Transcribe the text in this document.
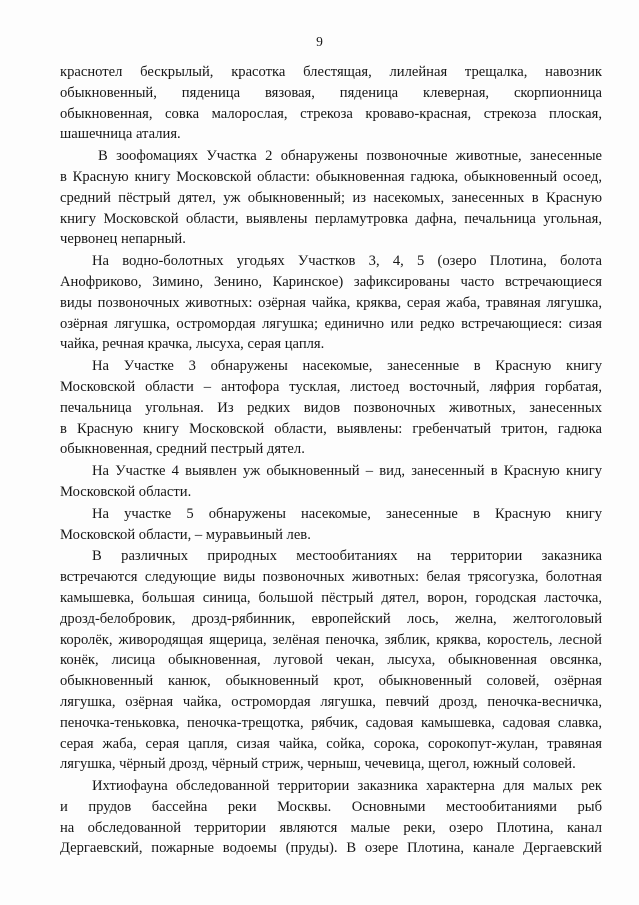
9
краснотел бескрылый, красотка блестящая, лилейная трещалка, навозник
обыкновенный, пяденица вязовая, пяденица клеверная, скорпионница
обыкновенная, совка малорослая, стрекоза кроваво-красная, стрекоза плоская,
шашечница аталия.
В зоофомациях Участка 2 обнаружены позвоночные животные, занесенные
в Красную книгу Московской области: обыкновенная гадюка, обыкновенный осоед,
средний пёстрый дятел, уж обыкновенный; из насекомых, занесенных в Красную
книгу Московской области, выявлены перламутровка дафна, печальница угольная,
червонец непарный.
На водно-болотных угодьях Участков 3, 4, 5 (озеро Плотина, болота
Анофриково, Зимино, Зенино, Каринское) зафиксированы часто встречающиеся
виды позвоночных животных: озёрная чайка, кряква, серая жаба, травяная лягушка,
озёрная лягушка, остромордая лягушка; единично или редко встречающиеся: сизая
чайка, речная крачка, лысуха, серая цапля.
На Участке 3 обнаружены насекомые, занесенные в Красную книгу
Московской области – антофора тусклая, листоед восточный, ляфрия горбатая,
печальница угольная. Из редких видов позвоночных животных, занесенных
в Красную книгу Московской области, выявлены: гребенчатый тритон, гадюка
обыкновенная, средний пестрый дятел.
На Участке 4 выявлен уж обыкновенный – вид, занесенный в Красную книгу
Московской области.
На участке 5 обнаружены насекомые, занесенные в Красную книгу
Московской области, – муравьиный лев.
В различных природных местообитаниях на территории заказника
встречаются следующие виды позвоночных животных: белая трясогузка, болотная
камышевка, большая синица, большой пёстрый дятел, ворон, городская ласточка,
дрозд-белобровик, дрозд-рябинник, европейский лось, желна, желтоголовый
королёк, живородящая ящерица, зелёная пеночка, зяблик, кряква, коростель, лесной
конёк, лисица обыкновенная, луговой чекан, лысуха, обыкновенная овсянка,
обыкновенный канюк, обыкновенный крот, обыкновенный соловей, озёрная
лягушка, озёрная чайка, остромордая лягушка, певчий дрозд, пеночка-весничка,
пеночка-теньковка, пеночка-трещотка, рябчик, садовая камышевка, садовая славка,
серая жаба, серая цапля, сизая чайка, сойка, сорока, сорокопут-жулан, травяная
лягушка, чёрный дрозд, чёрный стриж, черныш, чечевица, щегол, южный соловей.
Ихтиофауна обследованной территории заказника характерна для малых рек
и прудов бассейна реки Москвы. Основными местообитаниями рыб
на обследованной территории являются малые реки, озеро Плотина, канал
Дергаевский, пожарные водоемы (пруды). В озере Плотина, канале Дергаевский
